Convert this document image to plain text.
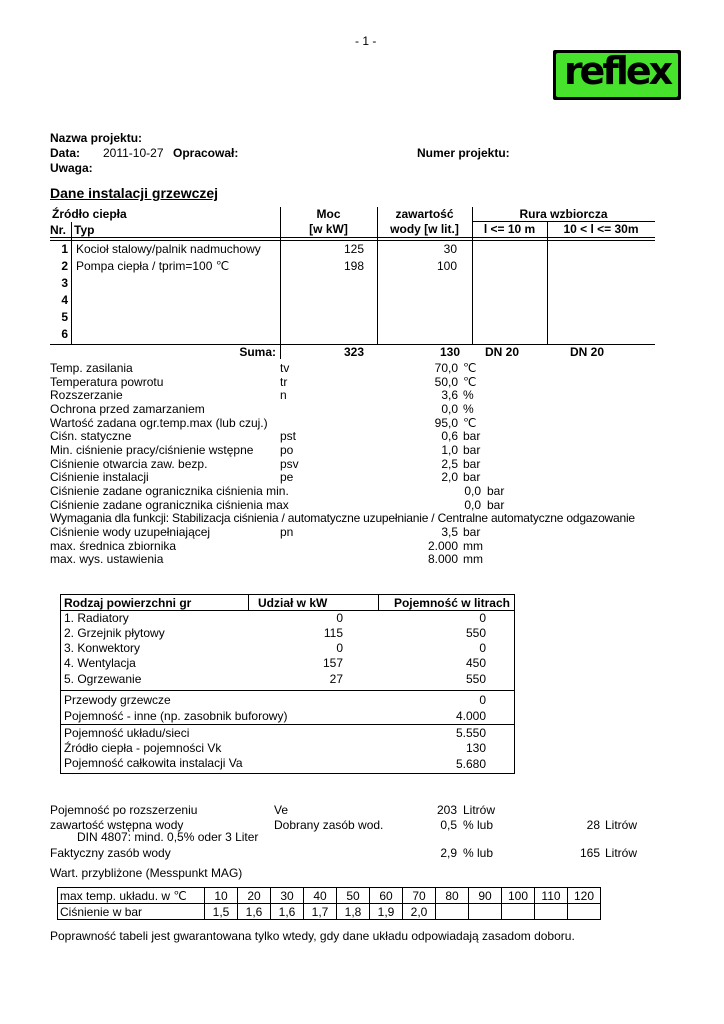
- 1 -
reflex
Nazwa projektu:
Data: 2011-10-27 Opracował:	Numer projektu:
Uwaga:
Dane instalacji grzewczej
Źródło ciepła
Nr. Typ
Moc
[w kW]
zawartość
wody [w lit.]
Rura wzbiorcza
l <= 10 m	10 < l <= 30m
1 Kocioł stalowy/palnik nadmuchowy	125	30
2 Pompa ciepła / tprim=100 ℃	198	100
3
4
5
6
Suma:	323	130 DN 20	DN 20
Temp. zasilania	tv	70,0 ℃
Temperatura powrotu	tr	50,0 ℃
Rozszerzanie	n	3,6 %
Ochrona przed zamarzaniem	0,0 %
Wartość zadana ogr.temp.max (lub czuj.)	95,0 ℃
Ciśn. statyczne	pst	0,6 bar
Min. ciśnienie pracy/ciśnienie wstępne po	1,0 bar
Ciśnienie otwarcia zaw. bezp.	psv	2,5 bar
Ciśnienie instalacji	pe	2,0 bar
Ciśnienie zadane ogranicznika ciśnienia min.	0,0 bar
Ciśnienie zadane ogranicznika ciśnienia max	0,0 bar
Wymagania dla funkcji: Stabilizacja ciśnienia / automatyczne uzupełnianie / Centralne automatyczne odgazowanie
Ciśnienie wody uzupełniającej	pn	3,5 bar
max. średnica zbiornika	2.000 mm
max. wys. ustawienia	8.000 mm
Rodzaj powierzchni gr	Udział w kW	Pojemność w litrach
1. Radiatory	0	0
2. Grzejnik płytowy	115	550
3. Konwektory	0	0
4. Wentylacja	157	450
5. Ogrzewanie	27	550
Przewody grzewcze	0
Pojemność - inne (np. zasobnik buforowy)	4.000
Pojemność układu/sieci	5.550
Źródło ciepła - pojemności Vk	130
Pojemność całkowita instalacji Va	5.680
Pojemność po rozszerzeniu	Ve	203 Litrów
zawartość wstępna wody	Dobrany zasób wod.	0,5 % lub	28 Litrów
DIN 4807: mind. 0,5% oder 3 Liter
Faktyczny zasób wody	2,9 % lub	165 Litrów
Wart. przybliżone (Messpunkt MAG)
max temp. układu. w ℃	10	20	30	40	50	60	70	80	90	100	110	120
Ciśnienie w bar	1,5	1,6	1,6	1,7	1,8	1,9	2,0					
Poprawność tabeli jest gwarantowana tylko wtedy, gdy dane układu odpowiadają zasadom doboru.
